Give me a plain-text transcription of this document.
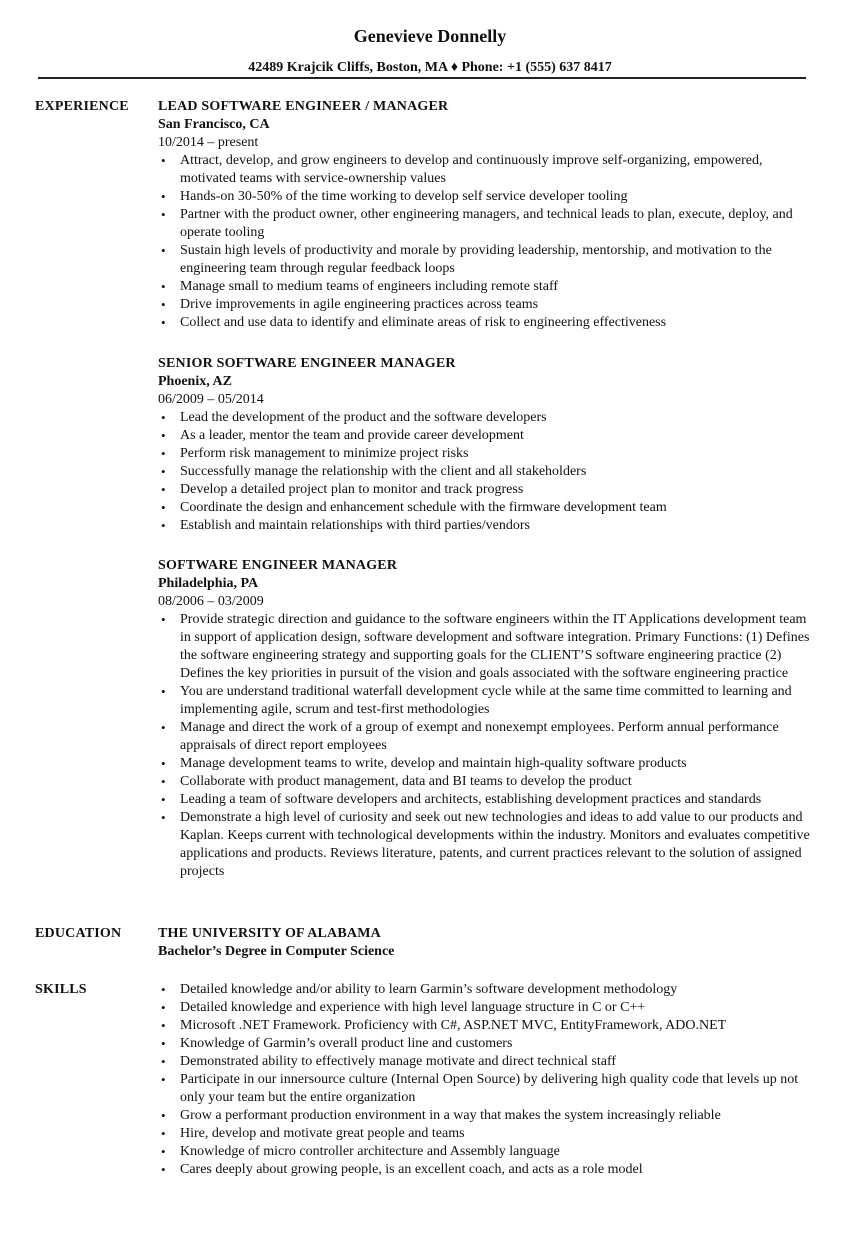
Genevieve Donnelly
42489 Krajcik Cliffs, Boston, MA ♦ Phone: +1 (555) 637 8417
EXPERIENCE LEAD SOFTWARE ENGINEER / MANAGER
San Francisco, CA
10/2014 – present
• Attract, develop, and grow engineers to develop and continuously improve self-organizing, empowered, motivated teams with service-ownership values
• Hands-on 30-50% of the time working to develop self service developer tooling
• Partner with the product owner, other engineering managers, and technical leads to plan, execute, deploy, and operate tooling
• Sustain high levels of productivity and morale by providing leadership, mentorship, and motivation to the engineering team through regular feedback loops
• Manage small to medium teams of engineers including remote staff
• Drive improvements in agile engineering practices across teams
• Collect and use data to identify and eliminate areas of risk to engineering effectiveness
SENIOR SOFTWARE ENGINEER MANAGER
Phoenix, AZ
06/2009 – 05/2014
• Lead the development of the product and the software developers
• As a leader, mentor the team and provide career development
• Perform risk management to minimize project risks
• Successfully manage the relationship with the client and all stakeholders
• Develop a detailed project plan to monitor and track progress
• Coordinate the design and enhancement schedule with the firmware development team
• Establish and maintain relationships with third parties/vendors
SOFTWARE ENGINEER MANAGER
Philadelphia, PA
08/2006 – 03/2009
• Provide strategic direction and guidance to the software engineers within the IT Applications development team in support of application design, software development and software integration. Primary Functions: (1) Defines the software engineering strategy and supporting goals for the CLIENT’S software engineering practice (2) Defines the key priorities in pursuit of the vision and goals associated with the software engineering practice
• You are understand traditional waterfall development cycle while at the same time committed to learning and implementing agile, scrum and test-first methodologies
• Manage and direct the work of a group of exempt and nonexempt employees. Perform annual performance appraisals of direct report employees
• Manage development teams to write, develop and maintain high-quality software products
• Collaborate with product management, data and BI teams to develop the product
• Leading a team of software developers and architects, establishing development practices and standards
• Demonstrate a high level of curiosity and seek out new technologies and ideas to add value to our products and Kaplan. Keeps current with technological developments within the industry. Monitors and evaluates competitive applications and products. Reviews literature, patents, and current practices relevant to the solution of assigned projects
EDUCATION	THE UNIVERSITY OF ALABAMA
Bachelor’s Degree in Computer Science
SKILLS	• Detailed knowledge and/or ability to learn Garmin’s software development methodology
• Detailed knowledge and experience with high level language structure in C or C++
• Microsoft .NET Framework. Proficiency with C#, ASP.NET MVC, EntityFramework, ADO.NET
• Knowledge of Garmin’s overall product line and customers
• Demonstrated ability to effectively manage motivate and direct technical staff
• Participate in our innersource culture (Internal Open Source) by delivering high quality code that levels up not only your team but the entire organization
• Grow a performant production environment in a way that makes the system increasingly reliable
• Hire, develop and motivate great people and teams
• Knowledge of micro controller architecture and Assembly language
• Cares deeply about growing people, is an excellent coach, and acts as a role model
